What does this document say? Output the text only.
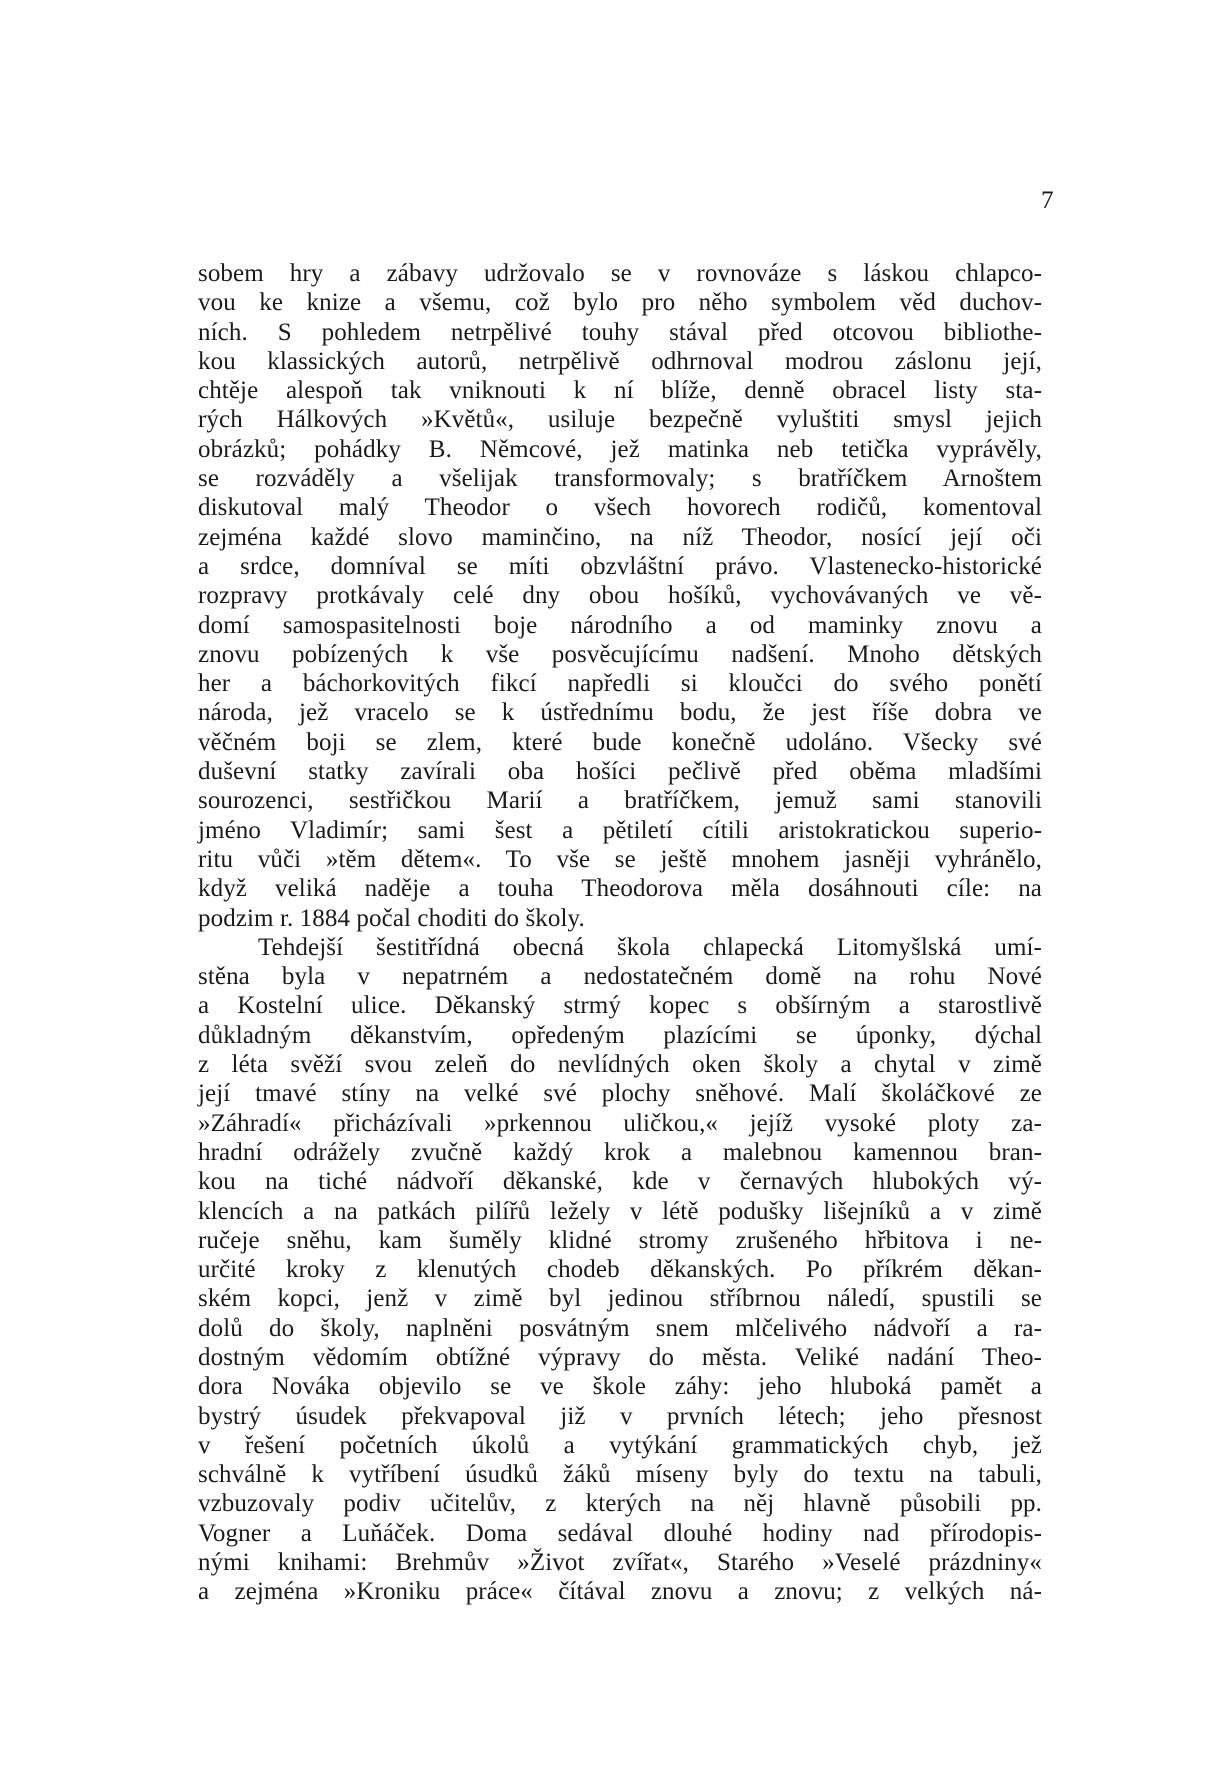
7
sobem hry a zábavy udržovalo se v rovnováze s láskou chlapco-
vou ke knize a všemu, což bylo pro něho symbolem věd duchov-
ních. S pohledem netrpělivé touhy stával před otcovou bibliothe-
kou klassických autorů, netrpělivě odhrnoval modrou záslonu její,
chtěje alespoň tak vniknouti k ní blíže, denně obracel listy sta-
rých Hálkových »Květů«, usiluje bezpečně vyluštiti smysl jejich
obrázků; pohádky B. Němcové, jež matinka neb tetička vyprávěly,
se rozváděly a všelijak transformovaly; s bratříčkem Arnoštem
diskutoval malý Theodor o všech hovorech rodičů, komentoval
zejména každé slovo maminčino, na níž Theodor, nosící její oči
a srdce, domníval se míti obzvláštní právo. Vlastenecko-historické
rozpravy protkávaly celé dny obou hošíků, vychovávaných ve vě-
domí samospasitelnosti boje národního a od maminky znovu a
znovu pobízených k vše posvěcujícímu nadšení. Mnoho dětských
her a báchorkovitých fikcí napředli si kloučci do svého ponětí
národa, jež vracelo se k ústřednímu bodu, že jest říše dobra ve
věčném boji se zlem, které bude konečně udoláno. Všecky své
duševní statky zavírali oba hošíci pečlivě před oběma mladšími
sourozenci, sestřičkou Marií a bratříčkem, jemuž sami stanovili
jméno Vladimír; sami šest a pětiletí cítili aristokratickou superio-
ritu vůči »těm dětem«. To vše se ještě mnohem jasněji vyhránělo,
když veliká naděje a touha Theodorova měla dosáhnouti cíle: na
podzim r. 1884 počal choditi do školy.
Tehdejší šestitřídná obecná škola chlapecká Litomyšlská umí-
stěna byla v nepatrném a nedostatečném domě na rohu Nové
a Kostelní ulice. Děkanský strmý kopec s obšírným a starostlivě
důkladným děkanstvím, opředeným plazícími se úponky, dýchal
z léta svěží svou zeleň do nevlídných oken školy a chytal v zimě
její tmavé stíny na velké své plochy sněhové. Malí školáčkové ze
»Záhradí« přicházívali »prkennou uličkou,« jejíž vysoké ploty za-
hradní odrážely zvučně každý krok a malebnou kamennou bran-
kou na tiché nádvoří děkanské, kde v černavých hlubokých vý-
klencích a na patkách pilířů ležely v létě podušky lišejníků a v zimě
ručeje sněhu, kam šuměly klidné stromy zrušeného hřbitova i ne-
určité kroky z klenutých chodeb děkanských. Po příkrém děkan-
ském kopci, jenž v zimě byl jedinou stříbrnou náledí, spustili se
dolů do školy, naplněni posvátným snem mlčelivého nádvoří a ra-
dostným vědomím obtížné výpravy do města. Veliké nadání Theo-
dora Nováka objevilo se ve škole záhy: jeho hluboká pamět a
bystrý úsudek překvapoval již v prvních létech; jeho přesnost
v řešení početních úkolů a vytýkání grammatických chyb, jež
schválně k vytříbení úsudků žáků míseny byly do textu na tabuli,
vzbuzovaly podiv učitelův, z kterých na něj hlavně působili pp.
Vogner a Luňáček. Doma sedával dlouhé hodiny nad přírodopis-
nými knihami: Brehmův »Život zvířat«, Starého »Veselé prázdniny«
a zejména »Kroniku práce« čítával znovu a znovu; z velkých ná-
